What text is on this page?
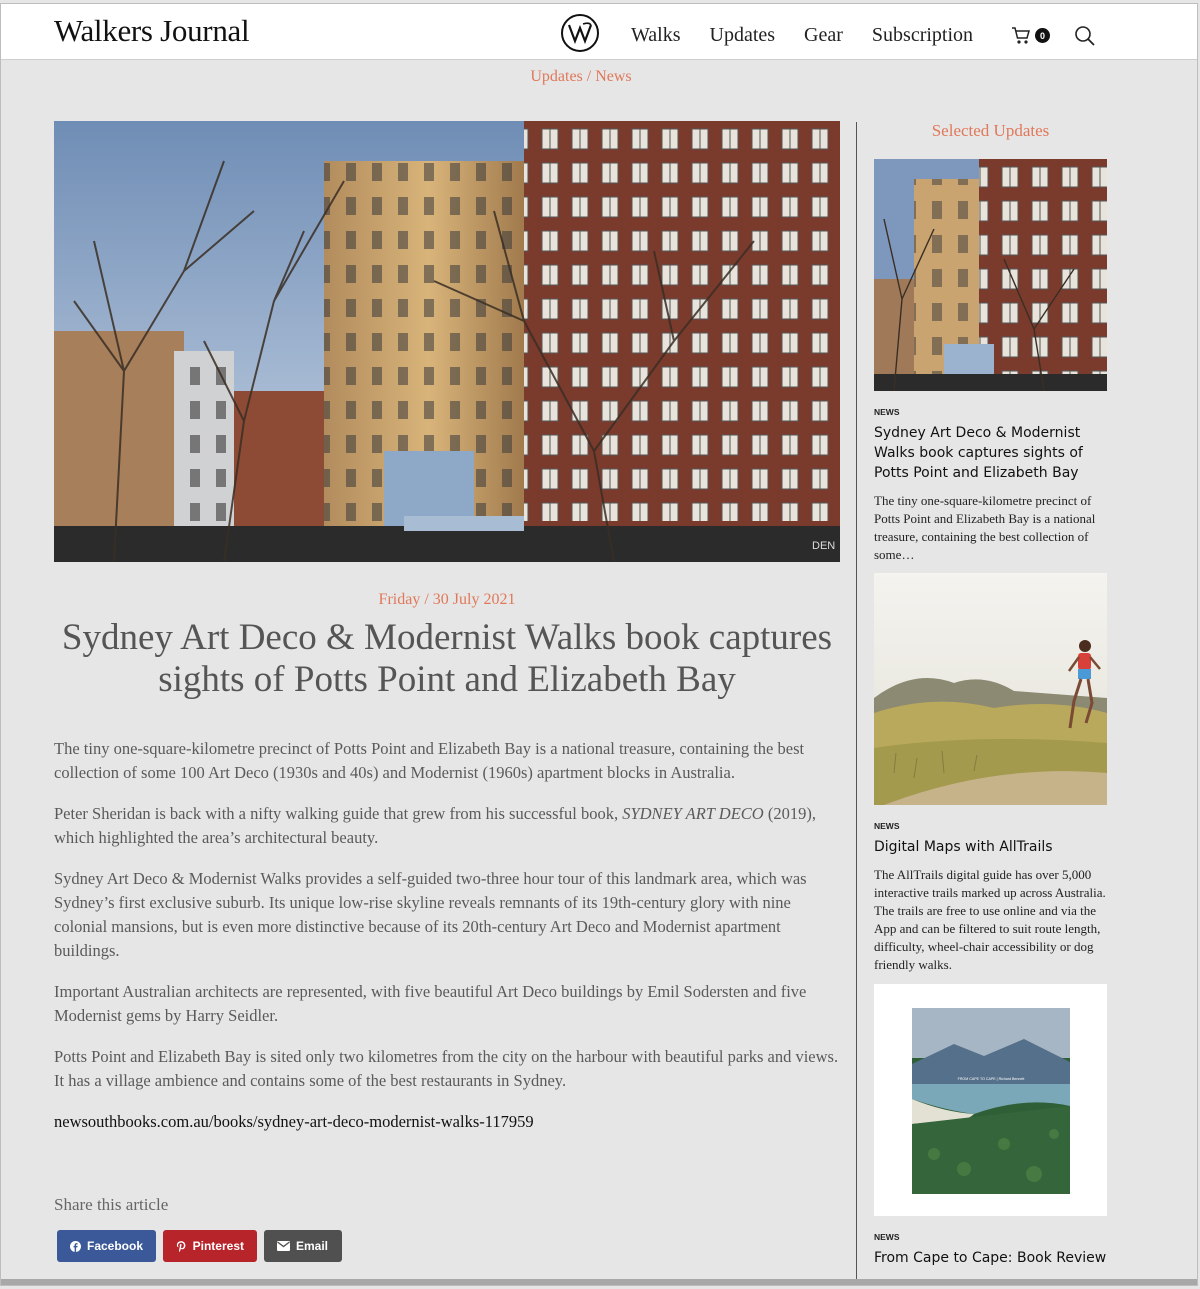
Walkers Journal	Walks Updates Gear Subscription	0
Updates / News
DEN
Friday / 30 July 2021
Sydney Art Deco & Modernist Walks book captures sights of Potts Point and Elizabeth Bay

The tiny one-square-kilometre precinct of Potts Point and Elizabeth Bay is a national treasure, containing the best collection of some 100 Art Deco (1930s and 40s) and Modernist (1960s) apartment blocks in Australia.

Peter Sheridan is back with a nifty walking guide that grew from his successful book, SYDNEY ART DECO (2019), which highlighted the area’s architectural beauty.

Sydney Art Deco & Modernist Walks provides a self-guided two-three hour tour of this landmark area, which was Sydney’s first exclusive suburb. Its unique low-rise skyline reveals remnants of its 19th-century glory with nine colonial mansions, but is even more distinctive because of its 20th-century Art Deco and Modernist apartment buildings.

Important Australian architects are represented, with five beautiful Art Deco buildings by Emil Sodersten and five Modernist gems by Harry Seidler.

Potts Point and Elizabeth Bay is sited only two kilometres from the city on the harbour with beautiful parks and views. It has a village ambience and contains some of the best restaurants in Sydney.

newsouthbooks.com.au/books/sydney-art-deco-modernist-walks-117959

Share this article
Facebook	Pinterest	Email
Selected Updates
NEWS
Sydney Art Deco & Modernist Walks book captures sights of Potts Point and Elizabeth Bay
The tiny one-square-kilometre precinct of Potts Point and Elizabeth Bay is a national treasure, containing the best collection of some…
NEWS
Digital Maps with AllTrails
The AllTrails digital guide has over 5,000 interactive trails marked up across Australia. The trails are free to use online and via the App and can be filtered to suit route length, difficulty, wheel-chair accessibility or dog friendly walks.
FROM CAPE TO CAPE | Richard Bennett
NEWS
From Cape to Cape: Book Review
